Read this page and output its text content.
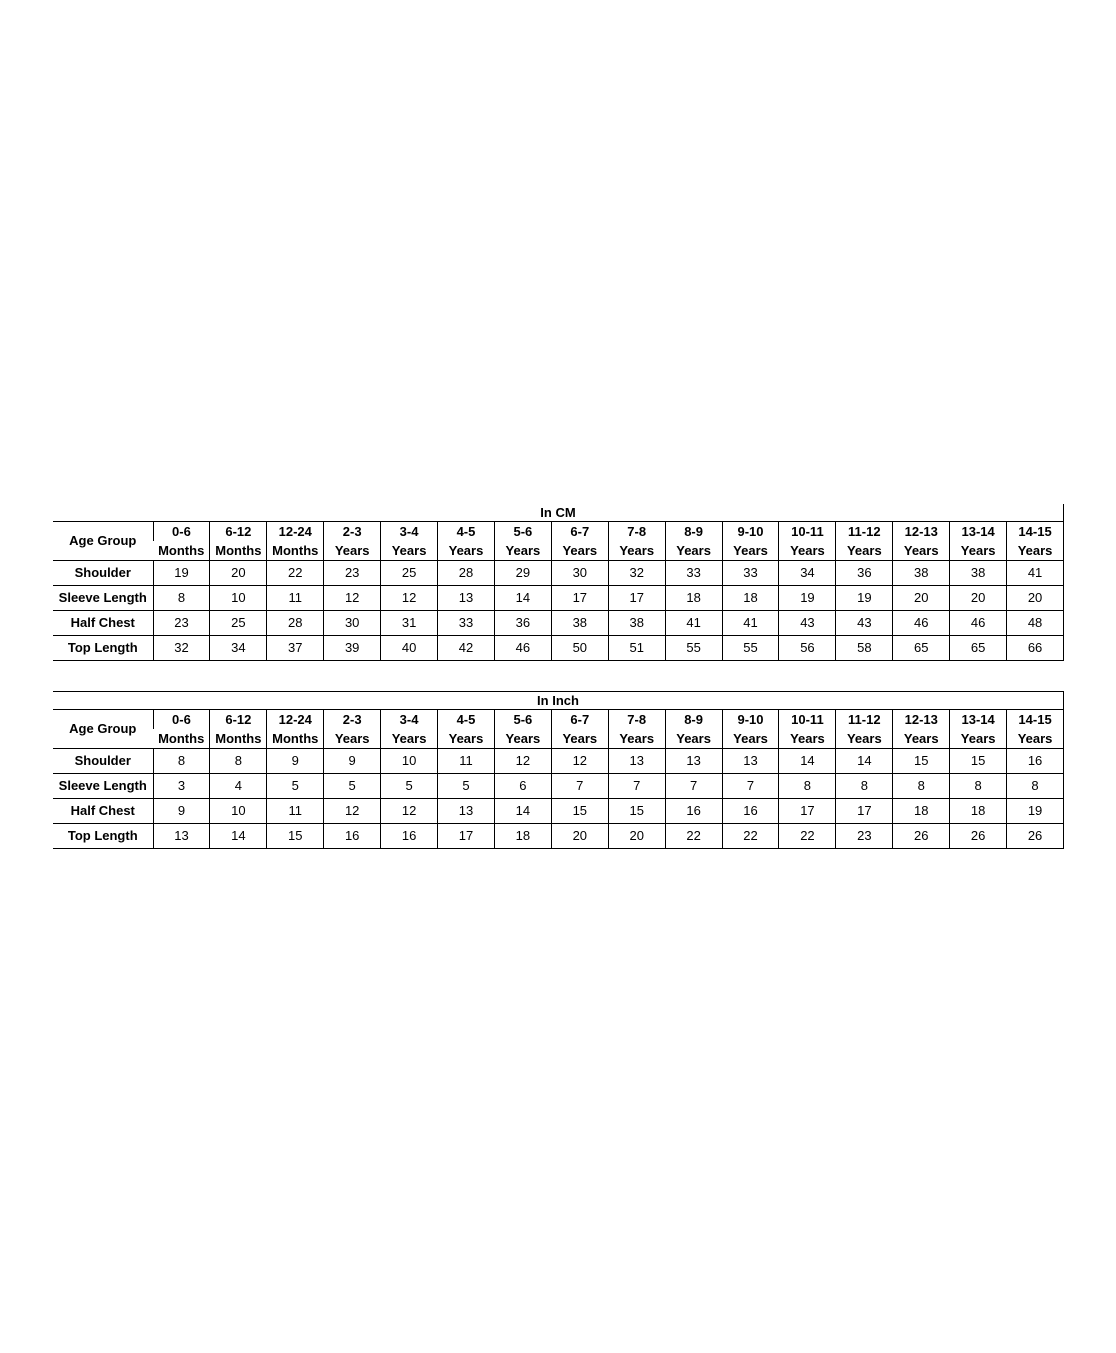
In CM																
Age Group	0-6	6-12	12-24	2-3	3-4	4-5	5-6	6-7	7-8	8-9	9-10	10-11	11-12	12-13	13-14	14-15
	Months	Months	Months	Years	Years	Years	Years	Years	Years	Years	Years	Years	Years	Years	Years	Years
Shoulder	19	20	22	23	25	28	29	30	32	33	33	34	36	38	38	41
Sleeve Length	8	10	11	12	12	13	14	17	17	18	18	19	19	20	20	20
Half Chest	23	25	28	30	31	33	36	38	38	41	41	43	43	46	46	48
Top Length	32	34	37	39	40	42	46	50	51	55	55	56	58	65	65	66
In Inch																
Age Group	0-6	6-12	12-24	2-3	3-4	4-5	5-6	6-7	7-8	8-9	9-10	10-11	11-12	12-13	13-14	14-15
	Months	Months	Months	Years	Years	Years	Years	Years	Years	Years	Years	Years	Years	Years	Years	Years
Shoulder	8	8	9	9	10	11	12	12	13	13	13	14	14	15	15	16
Sleeve Length	3	4	5	5	5	5	6	7	7	7	7	8	8	8	8	8
Half Chest	9	10	11	12	12	13	14	15	15	16	16	17	17	18	18	19
Top Length	13	14	15	16	16	17	18	20	20	22	22	22	23	26	26	26
